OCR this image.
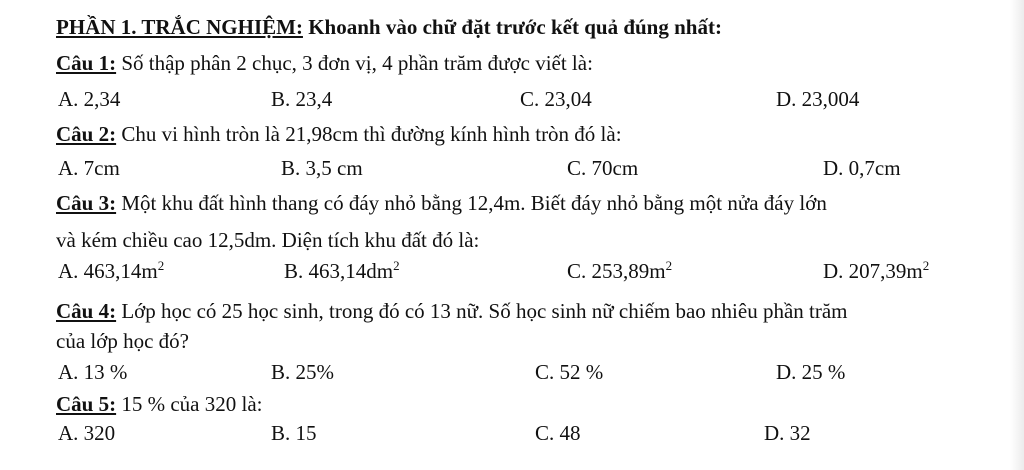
PHẦN 1. TRẮC NGHIỆM: Khoanh vào chữ đặt trước kết quả đúng nhất:
Câu 1: Số thập phân 2 chục, 3 đơn vị, 4 phần trăm được viết là:
A. 2,34	B. 23,4	C. 23,04	D. 23,004
Câu 2: Chu vi hình tròn là 21,98cm thì đường kính hình tròn đó là:
A. 7cm	B. 3,5 cm	C. 70cm	D. 0,7cm
Câu 3: Một khu đất hình thang có đáy nhỏ bằng 12,4m. Biết đáy nhỏ bằng một nửa đáy lớn
và kém chiều cao 12,5dm. Diện tích khu đất đó là:
A. $463,14m^2$	B. $463,14dm^2$	C. $253,89m^2$	D. $207,39m^2$
Câu 4: Lớp học có 25 học sinh, trong đó có 13 nữ. Số học sinh nữ chiếm bao nhiêu phần trăm
của lớp học đó?
A. 13 %	B. 25%	C. 52 %	D. 25 %
Câu 5: 15 % của 320 là:
A. 320	B. 15	C. 48	D. 32
